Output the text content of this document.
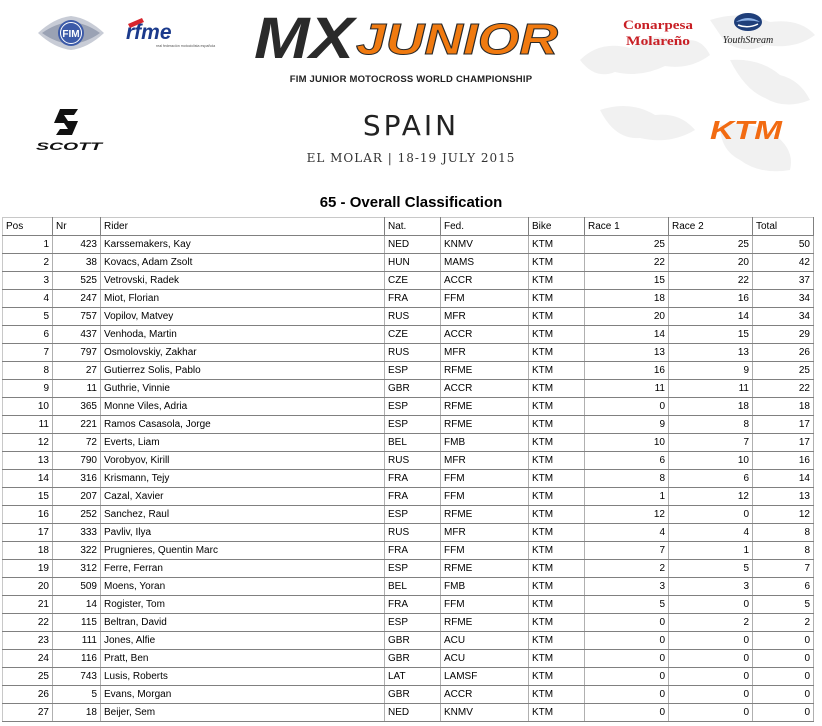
FIM rfme
real federación motociclista española MX
JUNIOR	Conarpesa
Molareño	YouthStream
SCOTT
KTM
FIM JUNIOR MOTOCROSS WORLD CHAMPIONSHIP
SPAIN
EL MOLAR | 18-19 JULY 2015
65 - Overall Classification
Pos	Nr	Rider	Nat.	Fed.	Bike	Race 1	Race 2	Total
1	423	Karssemakers, Kay	NED	KNMV	KTM	25	25	50
2	38	Kovacs, Adam Zsolt	HUN	MAMS	KTM	22	20	42
3	525	Vetrovski, Radek	CZE	ACCR	KTM	15	22	37
4	247	Miot, Florian	FRA	FFM	KTM	18	16	34
5	757	Vopilov, Matvey	RUS	MFR	KTM	20	14	34
6	437	Venhoda, Martin	CZE	ACCR	KTM	14	15	29
7	797	Osmolovskiy, Zakhar	RUS	MFR	KTM	13	13	26
8	27	Gutierrez Solis, Pablo	ESP	RFME	KTM	16	9	25
9	11	Guthrie, Vinnie	GBR	ACCR	KTM	11	11	22
10	365	Monne Viles, Adria	ESP	RFME	KTM	0	18	18
11	221	Ramos Casasola, Jorge	ESP	RFME	KTM	9	8	17
12	72	Everts, Liam	BEL	FMB	KTM	10	7	17
13	790	Vorobyov, Kirill	RUS	MFR	KTM	6	10	16
14	316	Krismann, Tejy	FRA	FFM	KTM	8	6	14
15	207	Cazal, Xavier	FRA	FFM	KTM	1	12	13
16	252	Sanchez, Raul	ESP	RFME	KTM	12	0	12
17	333	Pavliv, Ilya	RUS	MFR	KTM	4	4	8
18	322	Prugnieres, Quentin Marc	FRA	FFM	KTM	7	1	8
19	312	Ferre, Ferran	ESP	RFME	KTM	2	5	7
20	509	Moens, Yoran	BEL	FMB	KTM	3	3	6
21	14	Rogister, Tom	FRA	FFM	KTM	5	0	5
22	115	Beltran, David	ESP	RFME	KTM	0	2	2
23	111	Jones, Alfie	GBR	ACU	KTM	0	0	0
24	116	Pratt, Ben	GBR	ACU	KTM	0	0	0
25	743	Lusis, Roberts	LAT	LAMSF	KTM	0	0	0
26	5	Evans, Morgan	GBR	ACCR	KTM	0	0	0
27	18	Beijer, Sem	NED	KNMV	KTM	0	0	0
